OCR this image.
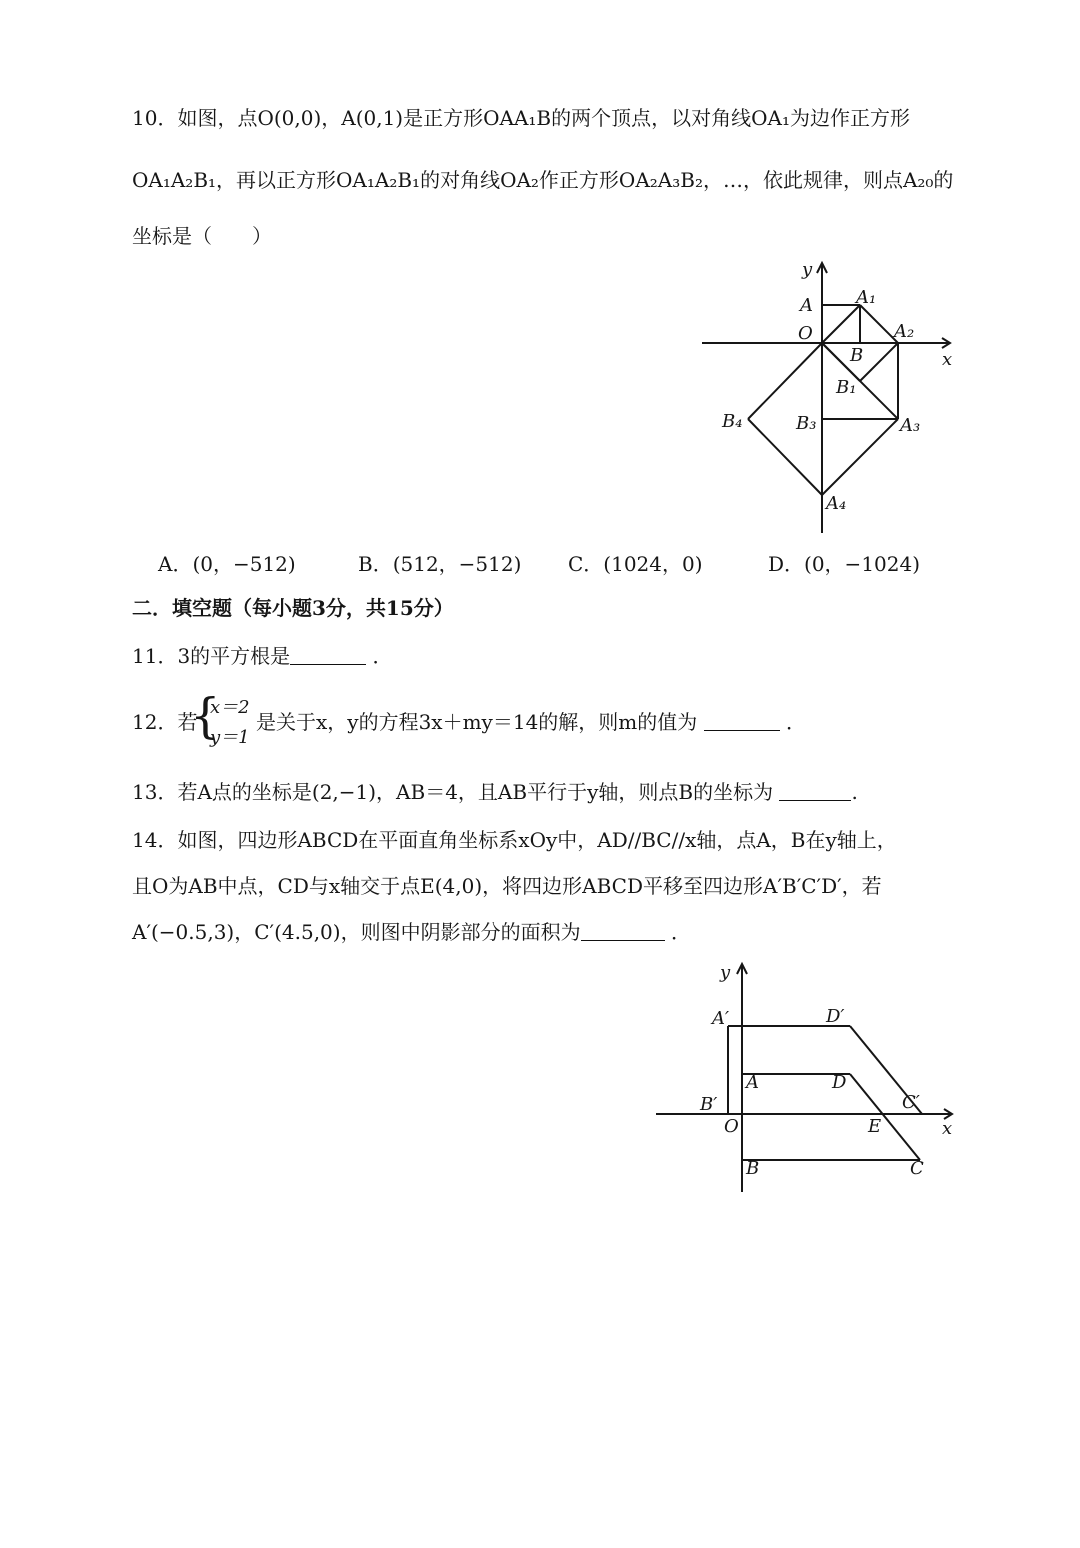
10．如图，点O(0,0)，A(0,1)是正方形OAA₁B的两个顶点，以对角线OA₁为边作正方形
OA₁A₂B₁，再以正方形OA₁A₂B₁的对角线OA₂作正方形OA₂A₃B₂，…，依此规律，则点A₂₀的
坐标是（　　）
y
x
A A₁
O	A₂
B
B₁
B₄	B₃	A₃
A₄
A．(0，−512)	B．(512，−512) C．(1024，0)	D．(0，−1024)
二．填空题（每小题3分，共15分）
11．3的平方根是	．
12．若
{
x＝2
y＝1
是关于x，y的方程3x＋my＝14的解，则m的值为	．
13．若A点的坐标是(2,−1)，AB＝4，且AB平行于y轴，则点B的坐标为	.
14．如图，四边形ABCD在平面直角坐标系xOy中，AD//BC//x轴，点A，B在y轴上，
且O为AB中点，CD与x轴交于点E(4,0)，将四边形ABCD平移至四边形A′B′C′D′，若
A′(−0.5,3)，C′(4.5,0)，则图中阴影部分的面积为	．
y
x
A′	D′
A	D
B′	C′
O	E
B	C
